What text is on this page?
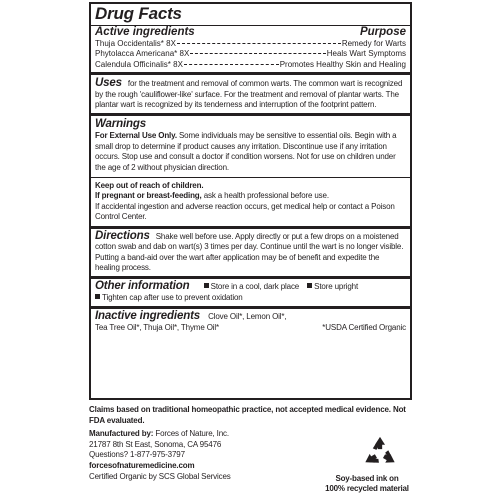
Drug Facts
Active ingredients	Purpose
Thuja Occidentalis* 8X	Remedy for Warts
Phytolacca Americana* 8X	Heals Wart Symptoms
Calendula Officinalis* 8X	Promotes Healthy Skin and Healing
Uses for the treatment and removal of common warts. The common wart is recognized by the rough 'cauliflower-like' surface. For the treatment and removal of plantar warts. The plantar wart is recognized by its tenderness and interruption of the footprint pattern.
Warnings
For External Use Only. Some individuals may be sensitive to essential oils. Begin with a small drop to determine if product causes any irritation. Discontinue use if any irritation occurs. Stop use and consult a doctor if condition worsens. Not for use on children under the age of 2 without physician direction.
Keep out of reach of children.
If pregnant or breast-feeding, ask a health professional before use.
If accidental ingestion and adverse reaction occurs, get medical help or contact a Poison Control Center.
Directions Shake well before use. Apply directly or put a few drops on a moistened cotton swab and dab on wart(s) 3 times per day. Continue until the wart is no longer visible. Putting a band-aid over the wart after application may be of benefit and expedite the healing process.
Other information	Store in a cool, dark place Store upright
Tighten cap after use to prevent oxidation
Inactive ingredients Clove Oil*, Lemon Oil*,
Tea Tree Oil*, Thuja Oil*, Thyme Oil*	*USDA Certified Organic
Claims based on traditional homeopathic practice, not accepted medical evidence. Not FDA evaluated.
Manufactured by: Forces of Nature, Inc.
21787 8th St East, Sonoma, CA 95476
Questions? 1-877-975-3797
forcesofnaturemedicine.com
Certified Organic by SCS Global Services	Soy-based ink on
100% recycled material
